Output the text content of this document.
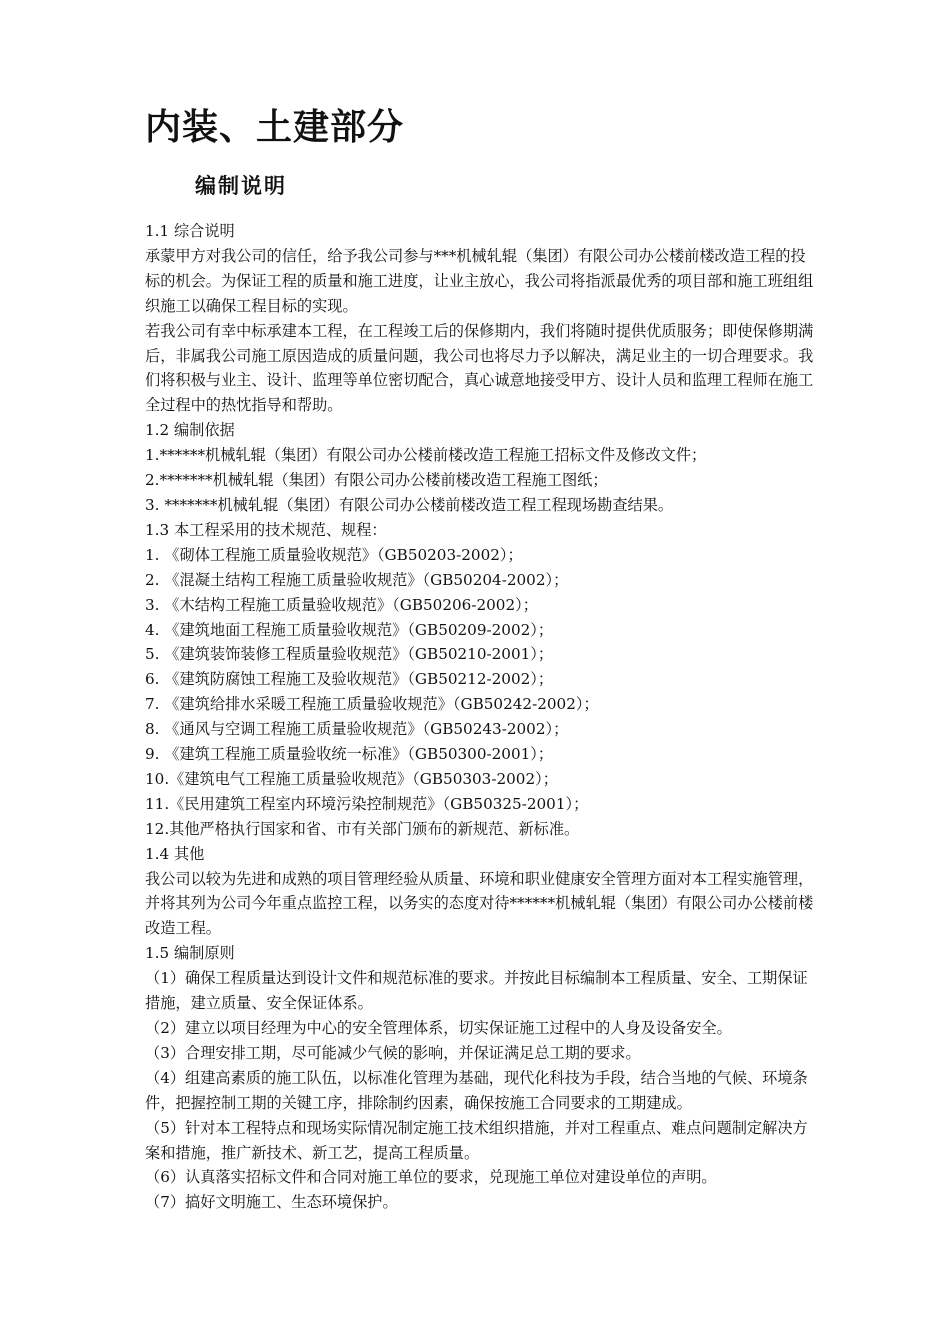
内装、土建部分
编制说明

1.1 综合说明

承蒙甲方对我公司的信任，给予我公司参与***机械轧辊（集团）有限公司办公楼前楼改造工程的投标的机会。为保证工程的质量和施工进度，让业主放心，我公司将指派最优秀的项目部和施工班组组织施工以确保工程目标的实现。

若我公司有幸中标承建本工程，在工程竣工后的保修期内，我们将随时提供优质服务；即使保修期满后，非属我公司施工原因造成的质量问题，我公司也将尽力予以解决，满足业主的一切合理要求。我们将积极与业主、设计、监理等单位密切配合，真心诚意地接受甲方、设计人员和监理工程师在施工全过程中的热忱指导和帮助。

1.2 编制依据

1.******机械轧辊（集团）有限公司办公楼前楼改造工程施工招标文件及修改文件；

2.*******机械轧辊（集团）有限公司办公楼前楼改造工程施工图纸；

3. *******机械轧辊（集团）有限公司办公楼前楼改造工程工程现场勘查结果。

1.3 本工程采用的技术规范、规程：

1. 《砌体工程施工质量验收规范》（GB50203-2002）；

2. 《混凝土结构工程施工质量验收规范》（GB50204-2002）；

3. 《木结构工程施工质量验收规范》（GB50206-2002）；

4. 《建筑地面工程施工质量验收规范》（GB50209-2002）；

5. 《建筑装饰装修工程质量验收规范》（GB50210-2001）；

6. 《建筑防腐蚀工程施工及验收规范》（GB50212-2002）；

7. 《建筑给排水采暖工程施工质量验收规范》（GB50242-2002）；

8. 《通风与空调工程施工质量验收规范》（GB50243-2002）；

9. 《建筑工程施工质量验收统一标准》（GB50300-2001）；

10.《建筑电气工程施工质量验收规范》（GB50303-2002）；

11.《民用建筑工程室内环境污染控制规范》（GB50325-2001）；

12.其他严格执行国家和省、市有关部门颁布的新规范、新标准。

1.4 其他

我公司以较为先进和成熟的项目管理经验从质量、环境和职业健康安全管理方面对本工程实施管理，并将其列为公司今年重点监控工程，以务实的态度对待******机械轧辊（集团）有限公司办公楼前楼改造工程。

1.5 编制原则

（1）确保工程质量达到设计文件和规范标准的要求。并按此目标编制本工程质量、安全、工期保证措施，建立质量、安全保证体系。

（2）建立以项目经理为中心的安全管理体系，切实保证施工过程中的人身及设备安全。

（3）合理安排工期，尽可能减少气候的影响，并保证满足总工期的要求。

（4）组建高素质的施工队伍，以标准化管理为基础，现代化科技为手段，结合当地的气候、环境条件，把握控制工期的关键工序，排除制约因素，确保按施工合同要求的工期建成。

（5）针对本工程特点和现场实际情况制定施工技术组织措施，并对工程重点、难点问题制定解决方案和措施，推广新技术、新工艺，提高工程质量。

（6）认真落实招标文件和合同对施工单位的要求，兑现施工单位对建设单位的声明。

（7）搞好文明施工、生态环境保护。
